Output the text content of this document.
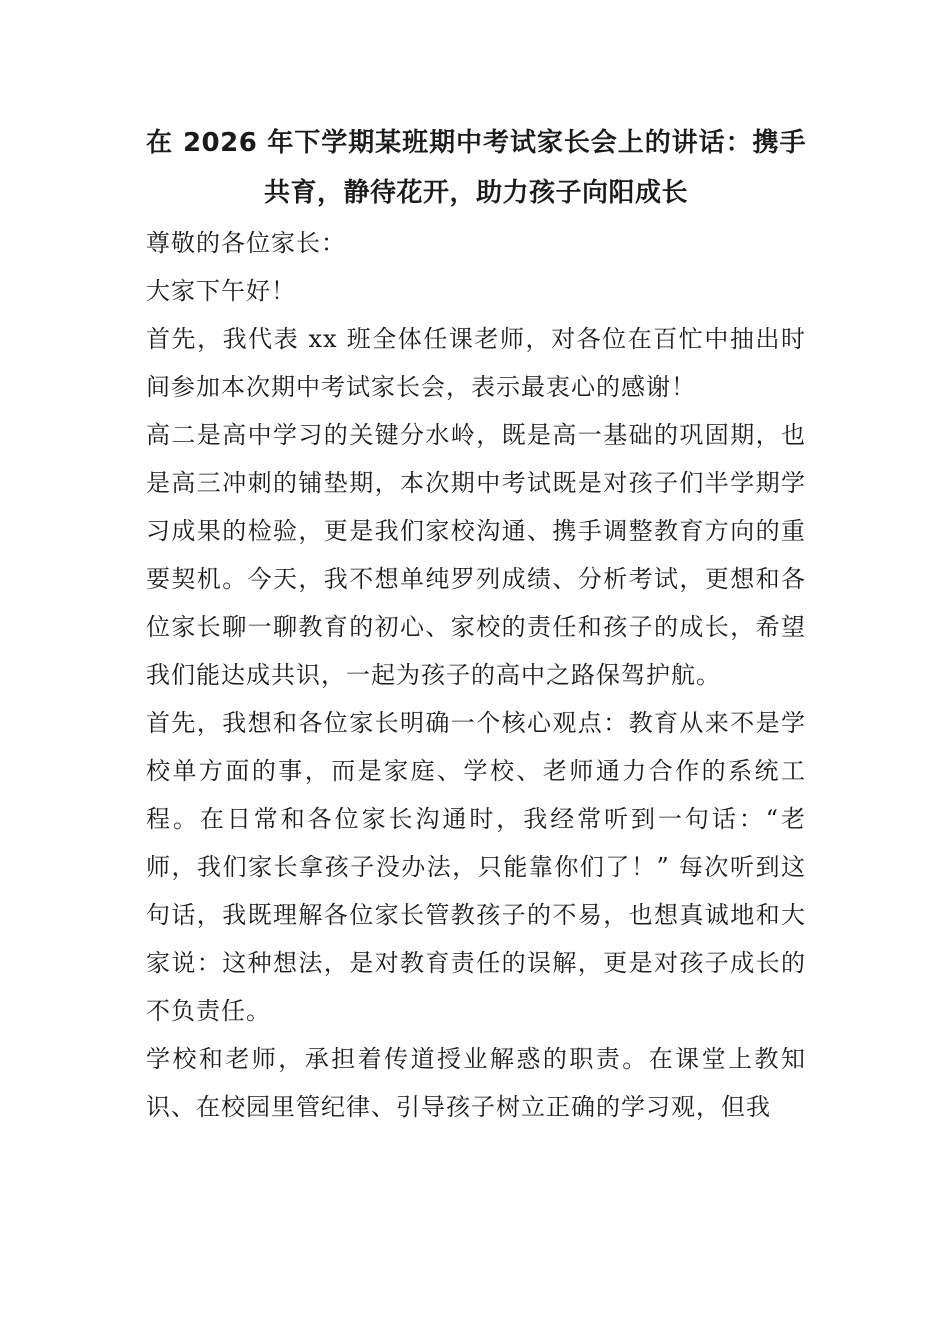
在 2026 年下学期某班期中考试家长会上的讲话：携手共育，静待花开，助力孩子向阳成长

尊敬的各位家长：

大家下午好！

首先，我代表 xx 班全体任课老师，对各位在百忙中抽出时间参加本次期中考试家长会，表示最衷心的感谢！

高二是高中学习的关键分水岭，既是高一基础的巩固期，也是高三冲刺的铺垫期，本次期中考试既是对孩子们半学期学习成果的检验，更是我们家校沟通、携手调整教育方向的重要契机。今天，我不想单纯罗列成绩、分析考试，更想和各位家长聊一聊教育的初心、家校的责任和孩子的成长，希望我们能达成共识，一起为孩子的高中之路保驾护航。

首先，我想和各位家长明确一个核心观点：教育从来不是学校单方面的事，而是家庭、学校、老师通力合作的系统工程。在日常和各位家长沟通时，我经常听到一句话：“老师，我们家长拿孩子没办法，只能靠你们了！” 每次听到这句话，我既理解各位家长管教孩子的不易，也想真诚地和大家说：这种想法，是对教育责任的误解，更是对孩子成长的不负责任。

学校和老师，承担着传道授业解惑的职责。在课堂上教知识、在校园里管纪律、引导孩子树立正确的学习观，但我
